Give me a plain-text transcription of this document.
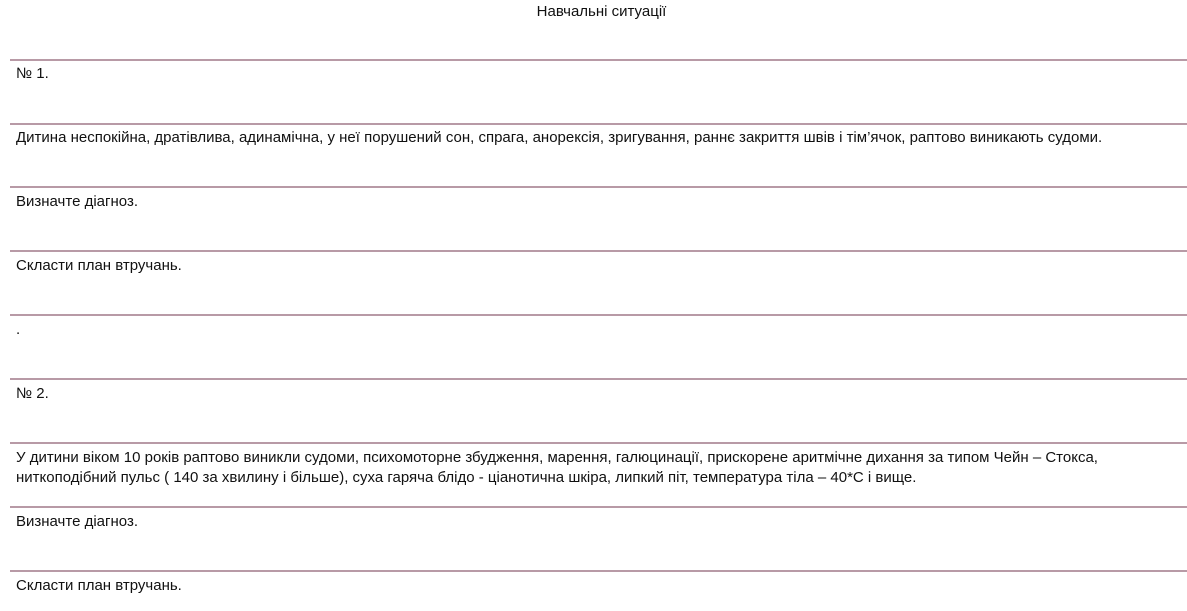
Навчальні ситуації
№ 1.
Дитина неспокійна, дратівлива, адинамічна, у неї порушений сон, спрага, анорексія, зригування, раннє закриття швів і тім’ячок, раптово виникають судоми.
Визначте діагноз.
Скласти план втручань.
.
№ 2.
У дитини віком 10 років раптово виникли судоми, психомоторне збудження, марення, галюцинації, прискорене аритмічне дихання за типом Чейн – Стокса, ниткоподібний пульс ( 140 за хвилину і більше), суха гаряча блідо - ціанотична шкіра, липкий піт, температура тіла – 40*С і вище.
Визначте діагноз.
Скласти план втручань.
